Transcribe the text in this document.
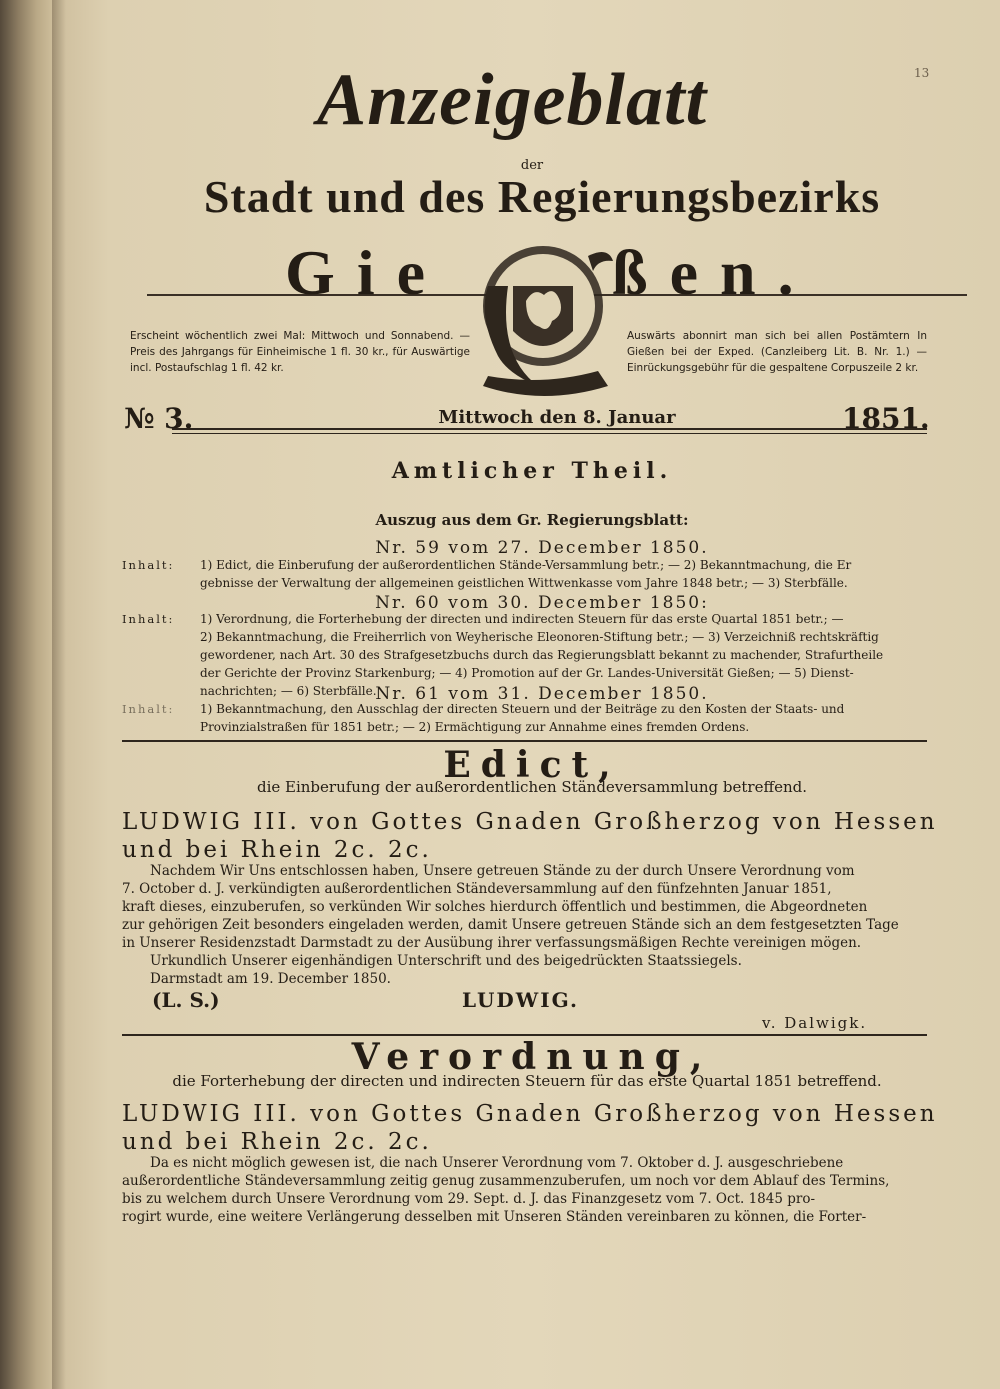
13
Anzeigeblatt
der
Stadt und des Regierungsbezirks
Gie	ßen.
Erscheint wöchentlich zwei Mal: Mittwoch und Sonnabend. — Preis des Jahrgangs für Einheimische 1 fl. 30 kr., für Auswärtige incl. Postaufschlag 1 fl. 42 kr.
Auswärts abonnirt man sich bei allen Postämtern In Gießen bei der Exped. (Canzleiberg Lit. B. Nr. 1.) — Einrückungsgebühr für die gespaltene Corpuszeile 2 kr.
№ 3.	Mittwoch den 8. Januar	1851.
Amtlicher Theil.
Auszug aus dem Gr. Regierungsblatt:
Nr. 59 vom 27. December 1850.
Inhalt: 1) Edict, die Einberufung der außerordentlichen Stände-Versammlung betr.; — 2) Bekanntmachung, die Er
gebnisse der Verwaltung der allgemeinen geistlichen Wittwenkasse vom Jahre 1848 betr.; — 3) Sterbfälle.
Nr. 60 vom 30. December 1850:
Inhalt: 1) Verordnung, die Forterhebung der directen und indirecten Steuern für das erste Quartal 1851 betr.; —
2) Bekanntmachung, die Freiherrlich von Weyherische Eleonoren-Stiftung betr.; — 3) Verzeichniß rechtskräftig
gewordener, nach Art. 30 des Strafgesetzbuchs durch das Regierungsblatt bekannt zu machender, Strafurtheile
der Gerichte der Provinz Starkenburg; — 4) Promotion auf der Gr. Landes-Universität Gießen; — 5) Dienst-
nachrichten; — 6) Sterbfälle.
Nr. 61 vom 31. December 1850.
Inhalt: 1) Bekanntmachung, den Ausschlag der directen Steuern und der Beiträge zu den Kosten der Staats- und
Provinzialstraßen für 1851 betr.; — 2) Ermächtigung zur Annahme eines fremden Ordens.
Edict,
die Einberufung der außerordentlichen Ständeversammlung betreffend.
LUDWIG III. von Gottes Gnaden Großherzog von Hessen
und bei Rhein 2c. 2c.
Nachdem Wir Uns entschlossen haben, Unsere getreuen Stände zu der durch Unsere Verordnung vom
7. October d. J. verkündigten außerordentlichen Ständeversammlung auf den fünfzehnten Januar 1851,
kraft dieses, einzuberufen, so verkünden Wir solches hierdurch öffentlich und bestimmen, die Abgeordneten
zur gehörigen Zeit besonders eingeladen werden, damit Unsere getreuen Stände sich an dem festgesetzten Tage
in Unserer Residenzstadt Darmstadt zu der Ausübung ihrer verfassungsmäßigen Rechte vereinigen mögen.
Urkundlich Unserer eigenhändigen Unterschrift und des beigedrückten Staatssiegels.
Darmstadt am 19. December 1850.
(L. S.)	LUDWIG.
v. Dalwigk.
Verordnung,
die Forterhebung der directen und indirecten Steuern für das erste Quartal 1851 betreffend.
LUDWIG III. von Gottes Gnaden Großherzog von Hessen
und bei Rhein 2c. 2c.
Da es nicht möglich gewesen ist, die nach Unserer Verordnung vom 7. Oktober d. J. ausgeschriebene
außerordentliche Ständeversammlung zeitig genug zusammenzuberufen, um noch vor dem Ablauf des Termins,
bis zu welchem durch Unsere Verordnung vom 29. Sept. d. J. das Finanzgesetz vom 7. Oct. 1845 pro-
rogirt wurde, eine weitere Verlängerung desselben mit Unseren Ständen vereinbaren zu können, die Forter-
